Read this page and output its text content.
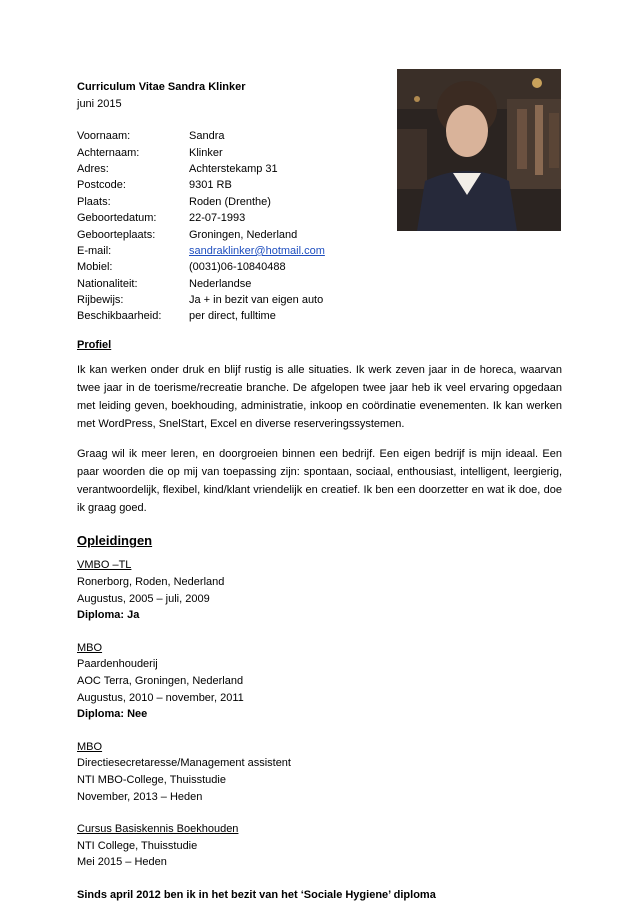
Curriculum Vitae Sandra Klinker
juni 2015
Voornaam:	Sandra
Achternaam:	Klinker
Adres:	Achterstekamp 31
Postcode:	9301 RB
Plaats:	Roden (Drenthe)
Geboortedatum:	22-07-1993
Geboorteplaats:	Groningen, Nederland
E-mail:	sandraklinker@hotmail.com
Mobiel:	(0031)06-10840488
Nationaliteit:	Nederlandse
Rijbewijs:	Ja + in bezit van eigen auto
Beschikbaarheid:	per direct, fulltime
Profiel
Ik kan werken onder druk en blijf rustig is alle situaties. Ik werk zeven jaar in de horeca, waarvan twee jaar in de toerisme/recreatie branche. De afgelopen twee jaar heb ik veel ervaring opgedaan met leiding geven, boekhouding, administratie, inkoop en coördinatie evenementen. Ik kan werken met WordPress, SnelStart, Excel en diverse reserveringssystemen.
Graag wil ik meer leren, en doorgroeien binnen een bedrijf. Een eigen bedrijf is mijn ideaal. Een paar woorden die op mij van toepassing zijn: spontaan, sociaal, enthousiast, intelligent, leergierig, verantwoordelijk, flexibel, kind/klant vriendelijk en creatief. Ik ben een doorzetter en wat ik doe, doe ik graag goed.
Opleidingen
VMBO –TL
Ronerborg, Roden, Nederland
Augustus, 2005 – juli, 2009
Diploma: Ja
MBO
Paardenhouderij
AOC Terra, Groningen, Nederland
Augustus, 2010 – november, 2011
Diploma: Nee
MBO
Directiesecretaresse/Management assistent
NTI MBO-College, Thuisstudie
November, 2013 – Heden
Cursus Basiskennis Boekhouden
NTI College, Thuisstudie
Mei 2015 – Heden
Sinds april 2012 ben ik in het bezit van het ‘Sociale Hygiene’ diploma
